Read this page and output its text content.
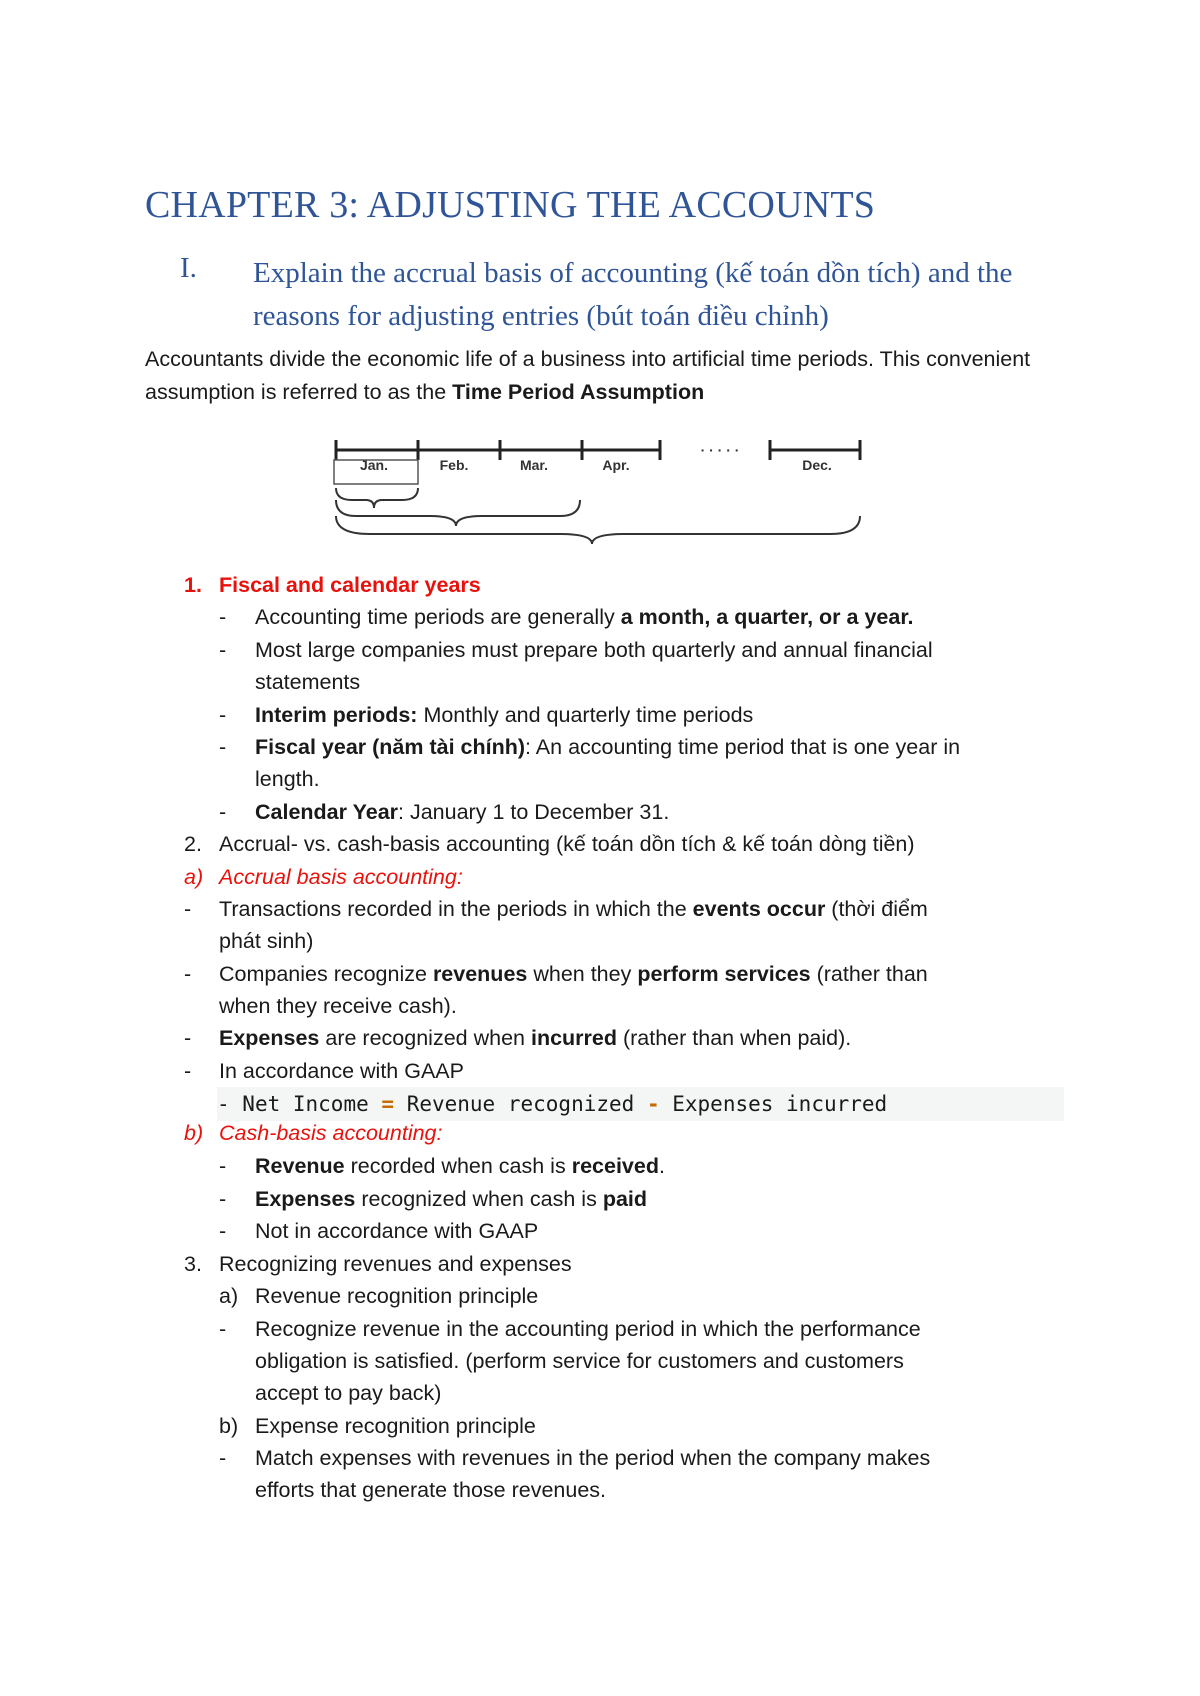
CHAPTER 3: ADJUSTING THE ACCOUNTS
I. Explain the accrual basis of accounting (kế toán dồn tích) and the reasons for adjusting entries (bút toán điều chỉnh)

Accountants divide the economic life of a business into artificial time periods. This convenient assumption is referred to as the Time Period Assumption

· · · · ·
Jan.	Feb.	Mar.	Apr.	Dec.
1. Fiscal and calendar years
- Accounting time periods are generally a month, a quarter, or a year.
- Most large companies must prepare both quarterly and annual financial
statements
- Interim periods: Monthly and quarterly time periods
- Fiscal year (năm tài chính): An accounting time period that is one year in
length.
- Calendar Year: January 1 to December 31.
2. Accrual- vs. cash-basis accounting (kế toán dồn tích & kế toán dòng tiền)
a) Accrual basis accounting:
- Transactions recorded in the periods in which the events occur (thời điểm
phát sinh)
- Companies recognize revenues when they perform services (rather than
when they receive cash).
- Expenses are recognized when incurred (rather than when paid).
- In accordance with GAAP
- Net Income = Revenue recognized - Expenses incurred
b) Cash-basis accounting:
- Revenue recorded when cash is received.
- Expenses recognized when cash is paid
- Not in accordance with GAAP
3. Recognizing revenues and expenses
a) Revenue recognition principle
- Recognize revenue in the accounting period in which the performance
obligation is satisfied. (perform service for customers and customers
accept to pay back)
b) Expense recognition principle
- Match expenses with revenues in the period when the company makes
efforts that generate those revenues.
